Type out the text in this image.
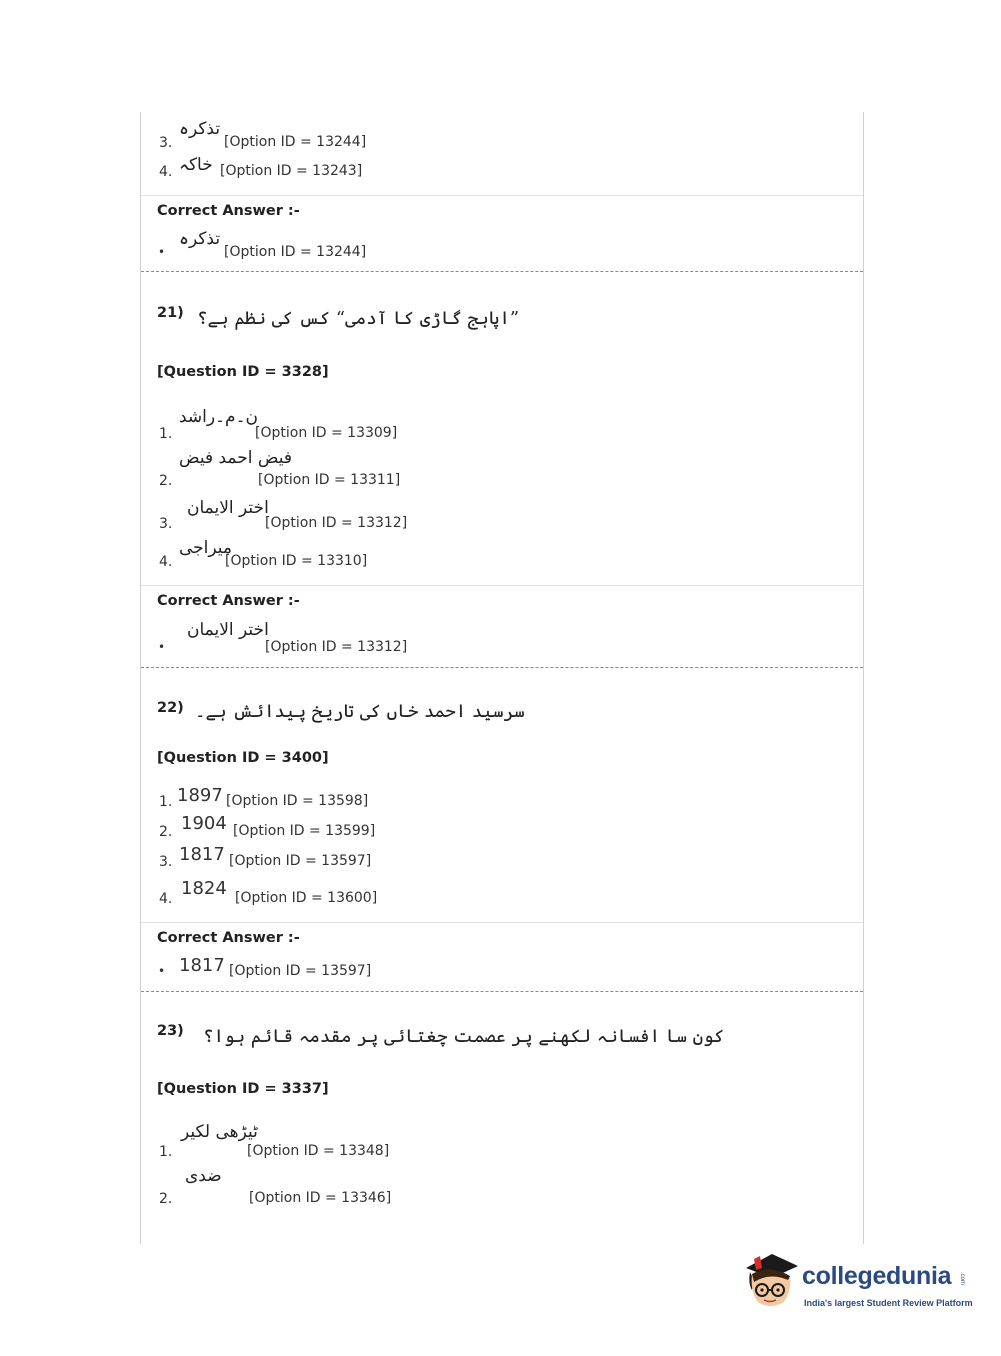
3.
تذکرہ
[Option ID = 13244]
4. خاکہ [Option ID = 13243]
Correct Answer :-
•
تذکرہ
[Option ID = 13244]
21) ”اپاہج گاڑی کا آدمی“ کس کی نظم ہے؟
[Question ID = 3328]
1.
ن۔م۔راشد
[Option ID = 13309]
2.
فیض احمد فیض
[Option ID = 13311]
3.
اختر الایمان
[Option ID = 13312]
4.
میراجی
[Option ID = 13310]
Correct Answer :-
•
اختر الایمان
[Option ID = 13312]
22) سرسید احمد خاں کی تاریخ پیدائش ہے۔
[Question ID = 3400]
1. 1897 [Option ID = 13598]
2. 1904 [Option ID = 13599]
3. 1817 [Option ID = 13597]
4. 1824 [Option ID = 13600]
Correct Answer :-
• 1817 [Option ID = 13597]
23) کون سا افسانہ لکھنے پر عصمت چغتائی پر مقدمہ قائم ہوا؟
[Question ID = 3337]
1.
ٹیڑھی لکیر
[Option ID = 13348]
2.
ضدی
[Option ID = 13346]
collegedunia .com
India's largest Student Review Platform
